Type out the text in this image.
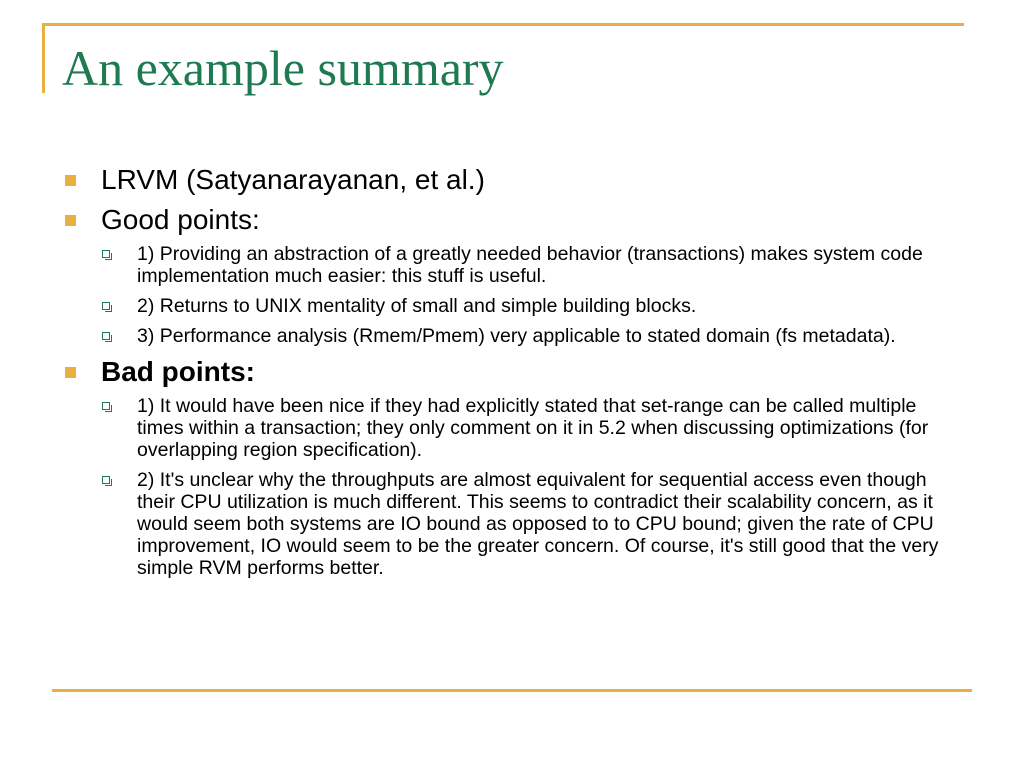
An example summary
LRVM (Satyanarayanan, et al.)
Good points:
1) Providing an abstraction of a greatly needed behavior (transactions) makes system code implementation much easier: this stuff is useful.
2) Returns to UNIX mentality of small and simple building blocks.
3) Performance analysis (Rmem/Pmem) very applicable to stated domain (fs metadata).
Bad points:
1) It would have been nice if they had explicitly stated that set-range can be called multiple times within a transaction; they only comment on it in 5.2 when discussing optimizations (for overlapping region specification).
2) It's unclear why the throughputs are almost equivalent for sequential access even though their CPU utilization is much different. This seems to contradict their scalability concern, as it would seem both systems are IO bound as opposed to to CPU bound; given the rate of CPU improvement, IO would seem to be the greater concern. Of course, it's still good that the very simple RVM performs better.
